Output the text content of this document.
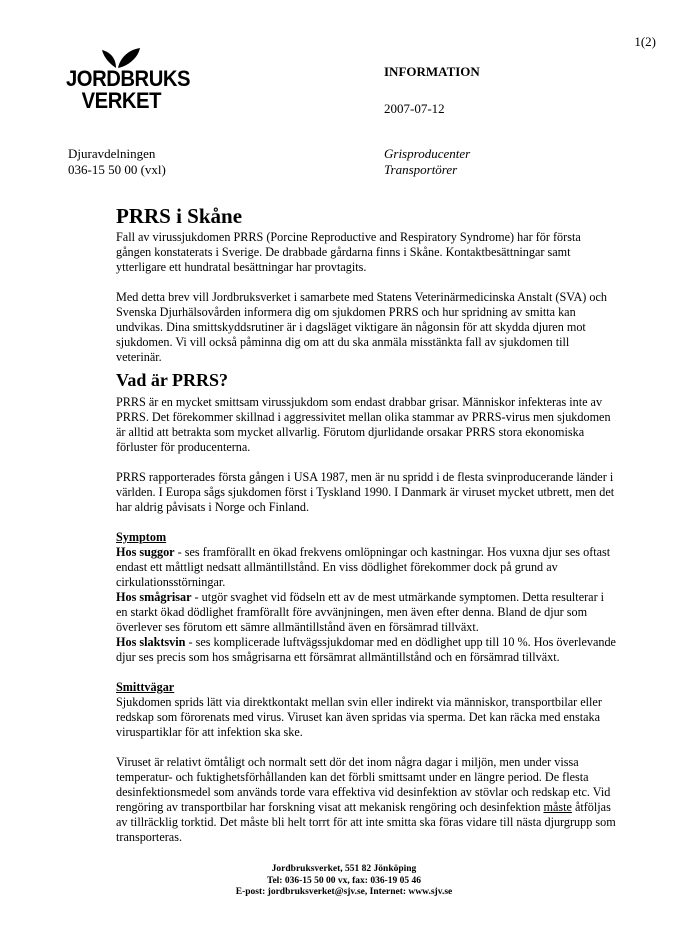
1(2)
JORDBRUKS
VERKET
INFORMATION
2007-07-12
Djuravdelningen
036-15 50 00 (vxl)
Grisproducenter
Transportörer
PRRS i Skåne

Fall av virussjukdomen PRRS (Porcine Reproductive and Respiratory Syndrome) har för första gången konstaterats i Sverige. De drabbade gårdarna finns i Skåne. Kontaktbesättningar samt ytterligare ett hundratal besättningar har provtagits.

Med detta brev vill Jordbruksverket i samarbete med Statens Veterinärmedicinska Anstalt (SVA) och Svenska Djurhälsovården informera dig om sjukdomen PRRS och hur spridning av smitta kan undvikas. Dina smittskyddsrutiner är i dagsläget viktigare än någonsin för att skydda djuren mot sjukdomen. Vi vill också påminna dig om att du ska anmäla misstänkta fall av sjukdomen till veterinär.

Vad är PRRS?

PRRS är en mycket smittsam virussjukdom som endast drabbar grisar. Människor infekteras inte av PRRS. Det förekommer skillnad i aggressivitet mellan olika stammar av PRRS-virus men sjukdomen är alltid att betrakta som mycket allvarlig. Förutom djurlidande orsakar PRRS stora ekonomiska förluster för producenterna.

PRRS rapporterades första gången i USA 1987, men är nu spridd i de flesta svinproducerande länder i världen. I Europa sågs sjukdomen först i Tyskland 1990. I Danmark är viruset mycket utbrett, men det har aldrig påvisats i Norge och Finland.

Symptom
Hos suggor - ses framförallt en ökad frekvens omlöpningar och kastningar. Hos vuxna djur ses oftast endast ett måttligt nedsatt allmäntillstånd. En viss dödlighet förekommer dock på grund av cirkulationsstörningar.
Hos smågrisar - utgör svaghet vid födseln ett av de mest utmärkande symptomen. Detta resulterar i en starkt ökad dödlighet framförallt före avvänjningen, men även efter denna. Bland de djur som överlever ses förutom ett sämre allmäntillstånd även en försämrad tillväxt.

Hos slaktsvin - ses komplicerade luftvägssjukdomar med en dödlighet upp till 10 %. Hos överlevande djur ses precis som hos smågrisarna ett försämrat allmäntillstånd och en försämrad tillväxt.

Smittvägar

Sjukdomen sprids lätt via direktkontakt mellan svin eller indirekt via människor, transportbilar eller redskap som förorenats med virus. Viruset kan även spridas via sperma. Det kan räcka med enstaka viruspartiklar för att infektion ska ske.

Viruset är relativt ömtåligt och normalt sett dör det inom några dagar i miljön, men under vissa temperatur- och fuktighetsförhållanden kan det förbli smittsamt under en längre period. De flesta desinfektionsmedel som används torde vara effektiva vid desinfektion av stövlar och redskap etc. Vid rengöring av transportbilar har forskning visat att mekanisk rengöring och desinfektion måste åtföljas av tillräcklig torktid. Det måste bli helt torrt för att inte smitta ska föras vidare till nästa djurgrupp som transporteras.

Jordbruksverket, 551 82 Jönköping
Tel: 036-15 50 00 vx, fax: 036-19 05 46
E-post: jordbruksverket@sjv.se, Internet: www.sjv.se
